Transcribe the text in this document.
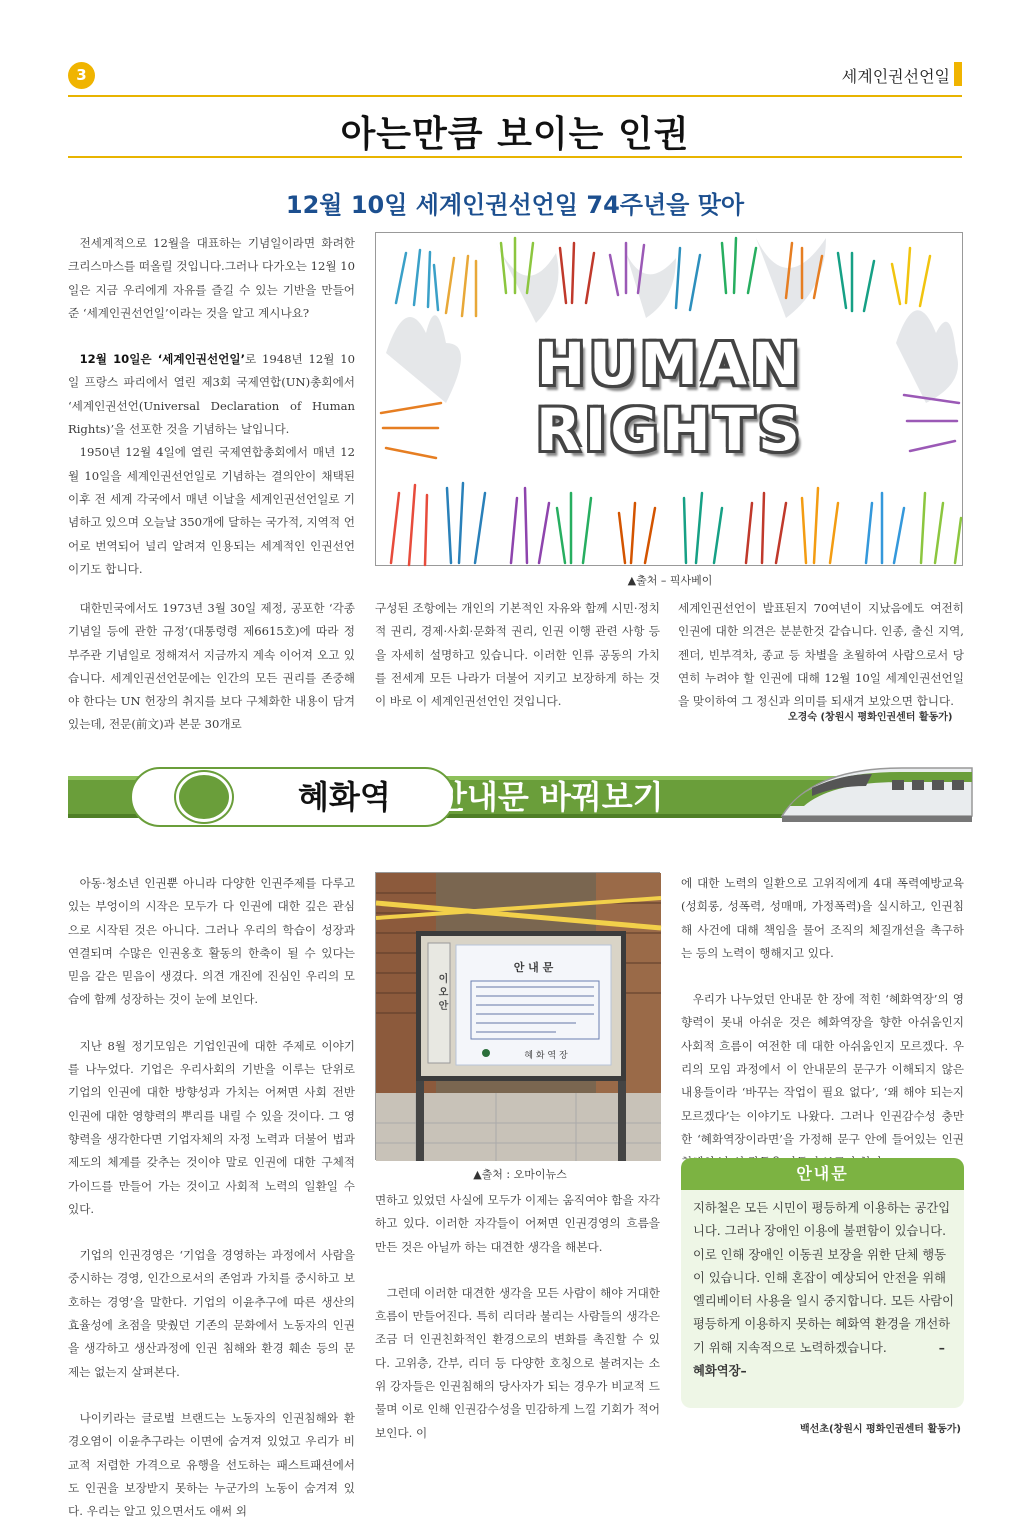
3	세계인권선언일
아는만큼 보이는 인권
12월 10일 세계인권선언일 74주년을 맞아

전세계적으로 12월을 대표하는 기념일이라면 화려한 크리스마스를 떠올릴 것입니다.그러나 다가오는 12월 10일은 지금 우리에게 자유를 즐길 수 있는 기반을 만들어준 ‘세계인권선언일’이라는 것을 알고 계시나요?

12월 10일은 ‘세계인권선언일’로 1948년 12월 10일 프랑스 파리에서 열린 제3회 국제연합(UN)총회에서 ‘세계인권선언(Universal Declaration of Human Rights)’을 선포한 것을 기념하는 날입니다.

1950년 12월 4일에 열린 국제연합총회에서 매년 12월 10일을 세계인권선언일로 기념하는 결의안이 채택된 이후 전 세계 각국에서 매년 이날을 세계인권선언일로 기념하고 있으며 오늘날 350개에 달하는 국가적, 지역적 언어로 번역되어 널리 알려져 인용되는 세계적인 인권선언이기도 합니다.

HUMAN
RIGHTS
▲출처 – 픽사베이

대한민국에서도 1973년 3월 30일 제정, 공포한 ‘각종 기념일 등에 관한 규정’(대통령령 제6615호)에 따라 정부주관 기념일로 정해져서 지금까지 계속 이어져 오고 있습니다. 세계인권선언문에는 인간의 모든 권리를 존중해야 한다는 UN 헌장의 취지를 보다 구체화한 내용이 담겨 있는데, 전문(前文)과 본문 30개로

구성된 조항에는 개인의 기본적인 자유와 함께 시민·정치적 권리, 경제·사회·문화적 권리, 인권 이행 관련 사항 등을 자세히 설명하고 있습니다. 이러한 인류 공동의 가치를 전세계 모든 나라가 더불어 지키고 보장하게 하는 것이 바로 이 세계인권선언인 것입니다.

세계인권선언이 발표된지 70여년이 지났음에도 여전히 인권에 대한 의견은 분분한것 같습니다. 인종, 출신 지역, 젠더, 빈부격차, 종교 등 차별을 초월하여 사람으로서 당연히 누려야 할 인권에 대해 12월 10일 세계인권선언일을 맞이하여 그 정신과 의미를 되새겨 보았으면 합니다.

오경숙 (창원시 평화인권센터 활동가)
혜화역 안내문 바꿔보기

아동·청소년 인권뿐 아니라 다양한 인권주제를 다루고 있는 부엉이의 시작은 모두가 다 인권에 대한 깊은 관심으로 시작된 것은 아니다. 그러나 우리의 학습이 성장과 연결되며 수많은 인권옹호 활동의 한축이 될 수 있다는 믿음 같은 믿음이 생겼다. 의견 개진에 진심인 우리의 모습에 함께 성장하는 것이 눈에 보인다.

지난 8월 정기모임은 기업인권에 대한 주제로 이야기를 나누었다. 기업은 우리사회의 기반을 이루는 단위로 기업의 인권에 대한 방향성과 가치는 어쩌면 사회 전반 인권에 대한 영향력의 뿌리를 내릴 수 있을 것이다. 그 영향력을 생각한다면 기업자체의 자정 노력과 더불어 법과 제도의 체계를 갖추는 것이야 말로 인권에 대한 구체적 가이드를 만들어 가는 것이고 사회적 노력의 일환일 수 있다.

기업의 인권경영은 ‘기업을 경영하는 과정에서 사람을 중시하는 경영, 인간으로서의 존엄과 가치를 중시하고 보호하는 경영’을 말한다. 기업의 이윤추구에 따른 생산의 효율성에 초점을 맞췄던 기존의 문화에서 노동자의 인권을 생각하고 생산과정에 인권 침해와 환경 훼손 등의 문제는 없는지 살펴본다.

나이키라는 글로벌 브랜드는 노동자의 인권침해와 환경오염이 이윤추구라는 이면에 숨겨져 있었고 우리가 비교적 저렴한 가격으로 유행을 선도하는 패스트패션에서도 인권을 보장받지 못하는 누군가의 노동이 숨겨져 있다. 우리는 알고 있으면서도 애써 외

안 내 문
혜 화 역 장
이 오 안
▲출처 : 오마이뉴스

면하고 있었던 사실에 모두가 이제는 움직여야 함을 자각하고 있다. 이러한 자각들이 어쩌면 인권경영의 흐름을 만든 것은 아닐까 하는 대견한 생각을 해본다.

그런데 이러한 대견한 생각을 모든 사람이 해야 거대한 흐름이 만들어진다. 특히 리더라 불리는 사람들의 생각은 조금 더 인권친화적인 환경으로의 변화를 촉진할 수 있다. 고위층, 간부, 리더 등 다양한 호칭으로 불려지는 소위 강자들은 인권침해의 당사자가 되는 경우가 비교적 드물며 이로 인해 인권감수성을 민감하게 느낄 기회가 적어 보인다. 이

에 대한 노력의 일환으로 고위직에게 4대 폭력예방교육(성희롱, 성폭력, 성매매, 가정폭력)을 실시하고, 인권침해 사건에 대해 책임을 물어 조직의 체질개선을 촉구하는 등의 노력이 행해지고 있다.

우리가 나누었던 안내문 한 장에 적힌 ‘혜화역장’의 영향력이 못내 아쉬운 것은 혜화역장을 향한 아쉬움인지 사회적 흐름이 여전한 데 대한 아쉬움인지 모르겠다. 우리의 모임 과정에서 이 안내문의 문구가 이해되지 않은 내용들이라 ‘바꾸는 작업이 필요 없다’, ‘왜 해야 되는지 모르겠다’는 이야기도 나왔다. 그러나 인권감수성 충만한 ‘혜화역장이라면’을 가정해 문구 안에 들어있는 인권

안내문
지하철은 모든 시민이 평등하게 이용하는 공간입니다. 그러나 장애인 이용에 불편함이 있습니다. 이로 인해 장애인 이동권 보장을 위한 단체 행동이 있습니다. 인해 혼잡이 예상되어 안전을 위해 엘리베이터 사용을 일시 중지합니다. 모든 사람이 평등하게 이용하지 못하는 혜화역 환경을 개선하기 위해 지속적으로 노력하겠습니다.	–혜화역장–
백선초(창원시 평화인권센터 활동가)
